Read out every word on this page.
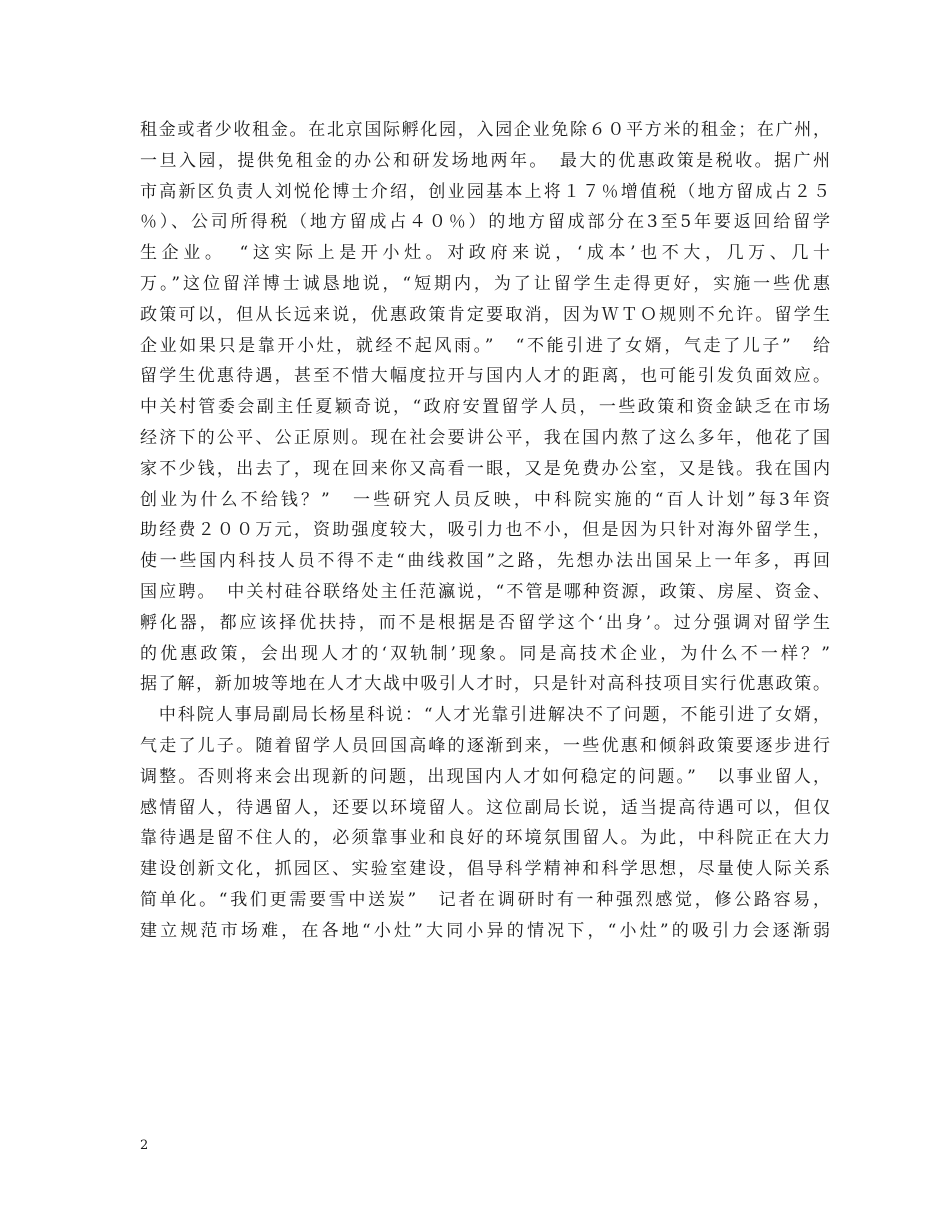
租金或者少收租金。在北京国际孵化园，入园企业免除６０平方米的租金；在广州，
一旦入园，提供免租金的办公和研发场地两年。　最大的优惠政策是税收。据广州
市高新区负责人刘悦伦博士介绍，创业园基本上将１７％增值税（地方留成占２５
％）、公司所得税（地方留成占４０％）的地方留成部分在3至5年要返回给留学
生企业。　“这实际上是开小灶。对政府来说，‘成本’也不大，几万、几十
万。”这位留洋博士诚恳地说，“短期内，为了让留学生走得更好，实施一些优惠
政策可以，但从长远来说，优惠政策肯定要取消，因为ＷＴＯ规则不允许。留学生
企业如果只是靠开小灶，就经不起风雨。”　“不能引进了女婿，气走了儿子”　给
留学生优惠待遇，甚至不惜大幅度拉开与国内人才的距离，也可能引发负面效应。
中关村管委会副主任夏颖奇说，“政府安置留学人员，一些政策和资金缺乏在市场
经济下的公平、公正原则。现在社会要讲公平，我在国内熬了这么多年，他花了国
家不少钱，出去了，现在回来你又高看一眼，又是免费办公室，又是钱。我在国内
创业为什么不给钱？”　一些研究人员反映，中科院实施的“百人计划”每3年资
助经费２００万元，资助强度较大，吸引力也不小，但是因为只针对海外留学生，
使一些国内科技人员不得不走“曲线救国”之路，先想办法出国呆上一年多，再回
国应聘。　中关村硅谷联络处主任范瀛说，“不管是哪种资源，政策、房屋、资金、
孵化器，都应该择优扶持，而不是根据是否留学这个‘出身’。过分强调对留学生
的优惠政策，会出现人才的‘双轨制’现象。同是高技术企业，为什么不一样？”
据了解，新加坡等地在人才大战中吸引人才时，只是针对高科技项目实行优惠政策。
　中科院人事局副局长杨星科说：“人才光靠引进解决不了问题，不能引进了女婿，
气走了儿子。随着留学人员回国高峰的逐渐到来，一些优惠和倾斜政策要逐步进行
调整。否则将来会出现新的问题，出现国内人才如何稳定的问题。”　以事业留人，
感情留人，待遇留人，还要以环境留人。这位副局长说，适当提高待遇可以，但仅
靠待遇是留不住人的，必须靠事业和良好的环境氛围留人。为此，中科院正在大力
建设创新文化，抓园区、实验室建设，倡导科学精神和科学思想，尽量使人际关系
简单化。“我们更需要雪中送炭”　记者在调研时有一种强烈感觉，修公路容易，
建立规范市场难，在各地“小灶”大同小异的情况下，“小灶”的吸引力会逐渐弱
2
